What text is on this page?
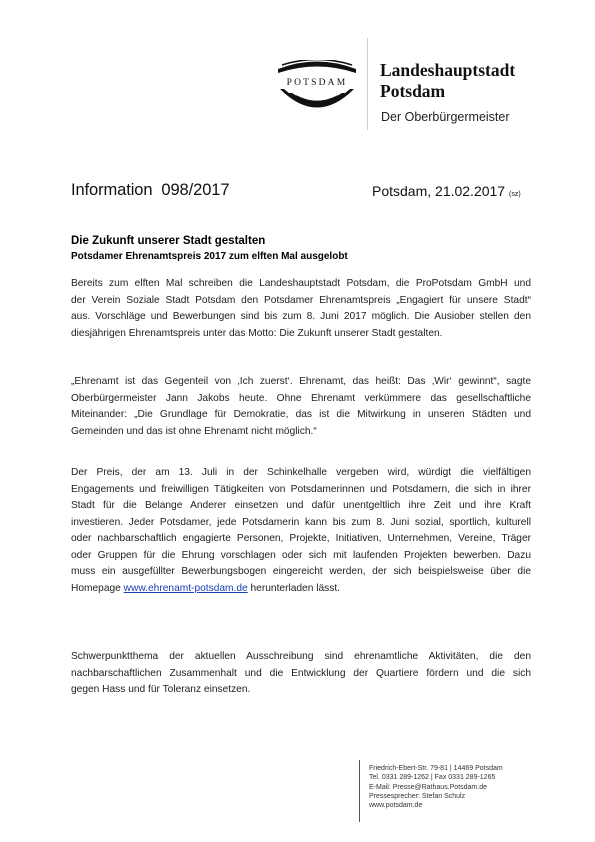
POTSDAM
Landeshauptstadt
Potsdam
Der Oberbürgermeister
Information  098/2017	Potsdam, 21.02.2017 (sz)
Die Zukunft unserer Stadt gestalten
Potsdamer Ehrenamtspreis 2017 zum elften Mal ausgelobt
Bereits zum elften Mal schreiben die Landeshauptstadt Potsdam, die ProPotsdam GmbH und
der Verein Soziale Stadt Potsdam den Potsdamer Ehrenamtspreis „Engagiert für unsere Stadt“
aus. Vorschläge und Bewerbungen sind bis zum 8. Juni 2017 möglich. Die Ausiober stellen den
diesjährigen Ehrenamtspreis unter das Motto: Die Zukunft unserer Stadt gestalten.
„Ehrenamt ist das Gegenteil von ‚Ich zuerst‘. Ehrenamt, das heißt: Das ‚Wir‘ gewinnt“, sagte
Oberbürgermeister Jann Jakobs heute. Ohne Ehrenamt verkümmere das gesellschaftliche
Miteinander: „Die Grundlage für Demokratie, das ist die Mitwirkung in unseren Städten und
Gemeinden und das ist ohne Ehrenamt nicht möglich.“
Der Preis, der am 13. Juli in der Schinkelhalle vergeben wird, würdigt die vielfältigen
Engagements und freiwilligen Tätigkeiten von Potsdamerinnen und Potsdamern, die sich in ihrer
Stadt für die Belange Anderer einsetzen und dafür unentgeltlich ihre Zeit und ihre Kraft
investieren. Jeder Potsdamer, jede Potsdamerin kann bis zum 8. Juni sozial, sportlich, kulturell
oder nachbarschaftlich engagierte Personen, Projekte, Initiativen, Unternehmen, Vereine, Träger
oder Gruppen für die Ehrung vorschlagen oder sich mit laufenden Projekten bewerben. Dazu
muss ein ausgefüllter Bewerbungsbogen eingereicht werden, der sich beispielsweise über die
Homepage www.ehrenamt-potsdam.de herunterladen lässt.
Schwerpunktthema der aktuellen Ausschreibung sind ehrenamtliche Aktivitäten, die den
nachbarschaftlichen Zusammenhalt und die Entwicklung der Quartiere fördern und die sich
gegen Hass und für Toleranz einsetzen.
Friedrich-Ebert-Str. 79-81 | 14469 Potsdam
Tel. 0331 289-1262 | Fax 0331 289-1265
E-Mail: Presse@Rathaus.Potsdam.de
Pressesprecher: Stefan Schulz
www.potsdam.de
